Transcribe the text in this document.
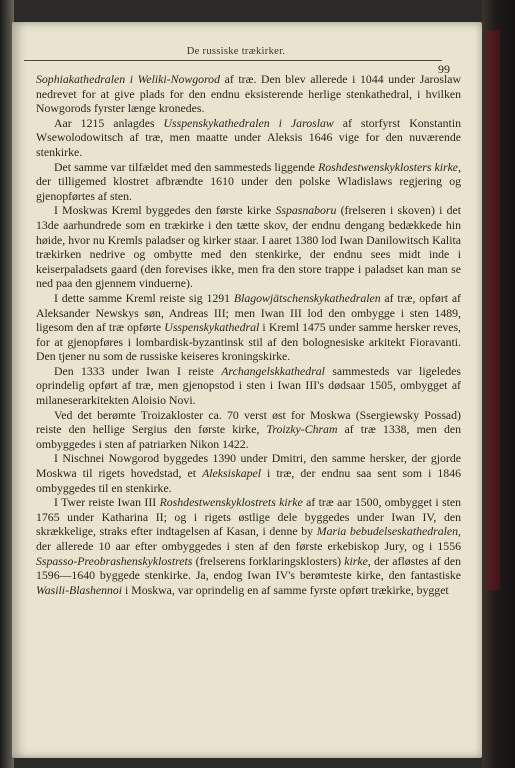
De russiske trækirker.
99

Sophiakathedralen i Weliki-Nowgorod af træ. Den blev allerede i 1044 under Jaroslaw nedrevet for at give plads for den endnu eksisterende herlige stenkathedral, i hvilken Nowgorods fyrster længe kronedes.

Aar 1215 anlagdes Usspenskykathedralen i Jaroslaw af storfyrst Konstantin Wsewolodowitsch af træ, men maatte under Aleksis 1646 vige for den nuværende stenkirke.

Det samme var tilfældet med den sammesteds liggende Roshdestwenskyklosters kirke, der tilligemed klostret afbrændte 1610 under den polske Wladislaws regjering og gjenopførtes af sten.

I Moskwas Kreml byggedes den første kirke Sspasnaboru (frelseren i skoven) i det 13de aarhundrede som en trækirke i den tætte skov, der endnu dengang bedækkede hin høide, hvor nu Kremls paladser og kirker staar. I aaret 1380 lod Iwan Danilowitsch Kalita trækirken nedrive og ombytte med den stenkirke, der endnu sees midt inde i keiserpaladsets gaard (den forevises ikke, men fra den store trappe i paladset kan man se ned paa den gjennem vinduerne).

I dette samme Kreml reiste sig 1291 Blagowjätschenskykathedralen af træ, opført af Aleksander Newskys søn, Andreas III; men Iwan III lod den ombygge i sten 1489, ligesom den af træ opførte Usspenskykathedral i Kreml 1475 under samme hersker reves, for at gjenopføres i lombardisk-byzantinsk stil af den bolognesiske arkitekt Fioravanti. Den tjener nu som de russiske keiseres kroningskirke.

Den 1333 under Iwan I reiste Archangelskkathedral sammesteds var ligeledes oprindelig opført af træ, men gjenopstod i sten i Iwan III's dødsaar 1505, ombygget af milaneserarkitekten Aloisio Novi.

Ved det berømte Troizakloster ca. 70 verst øst for Moskwa (Ssergiewsky Possad) reiste den hellige Sergius den første kirke, Troizky-Chram af træ 1338, men den ombyggedes i sten af patriarken Nikon 1422.

I Nischnei Nowgorod byggedes 1390 under Dmitri, den samme hersker, der gjorde Moskwa til rigets hovedstad, et Aleksiskapel i træ, der endnu saa sent som i 1846 ombyggedes til en stenkirke.

I Twer reiste Iwan III Roshdestwenskyklostrets kirke af træ aar 1500, ombygget i sten 1765 under Katharina II; og i rigets østlige dele byggedes under Iwan IV, den skrækkelige, straks efter indtagelsen af Kasan, i denne by Maria bebudelseskathedralen, der allerede 10 aar efter ombyggedes i sten af den første erkebiskop Jury, og i 1556 Sspasso-Preobrashenskyklostrets (frelserens forklaringsklosters) kirke, der afløstes af den 1596—1640 byggede stenkirke. Ja, endog Iwan IV's berømteste kirke, den fantastiske Wasili-Blashennoi i Moskwa, var oprindelig en af samme fyrste opført trækirke, bygget
